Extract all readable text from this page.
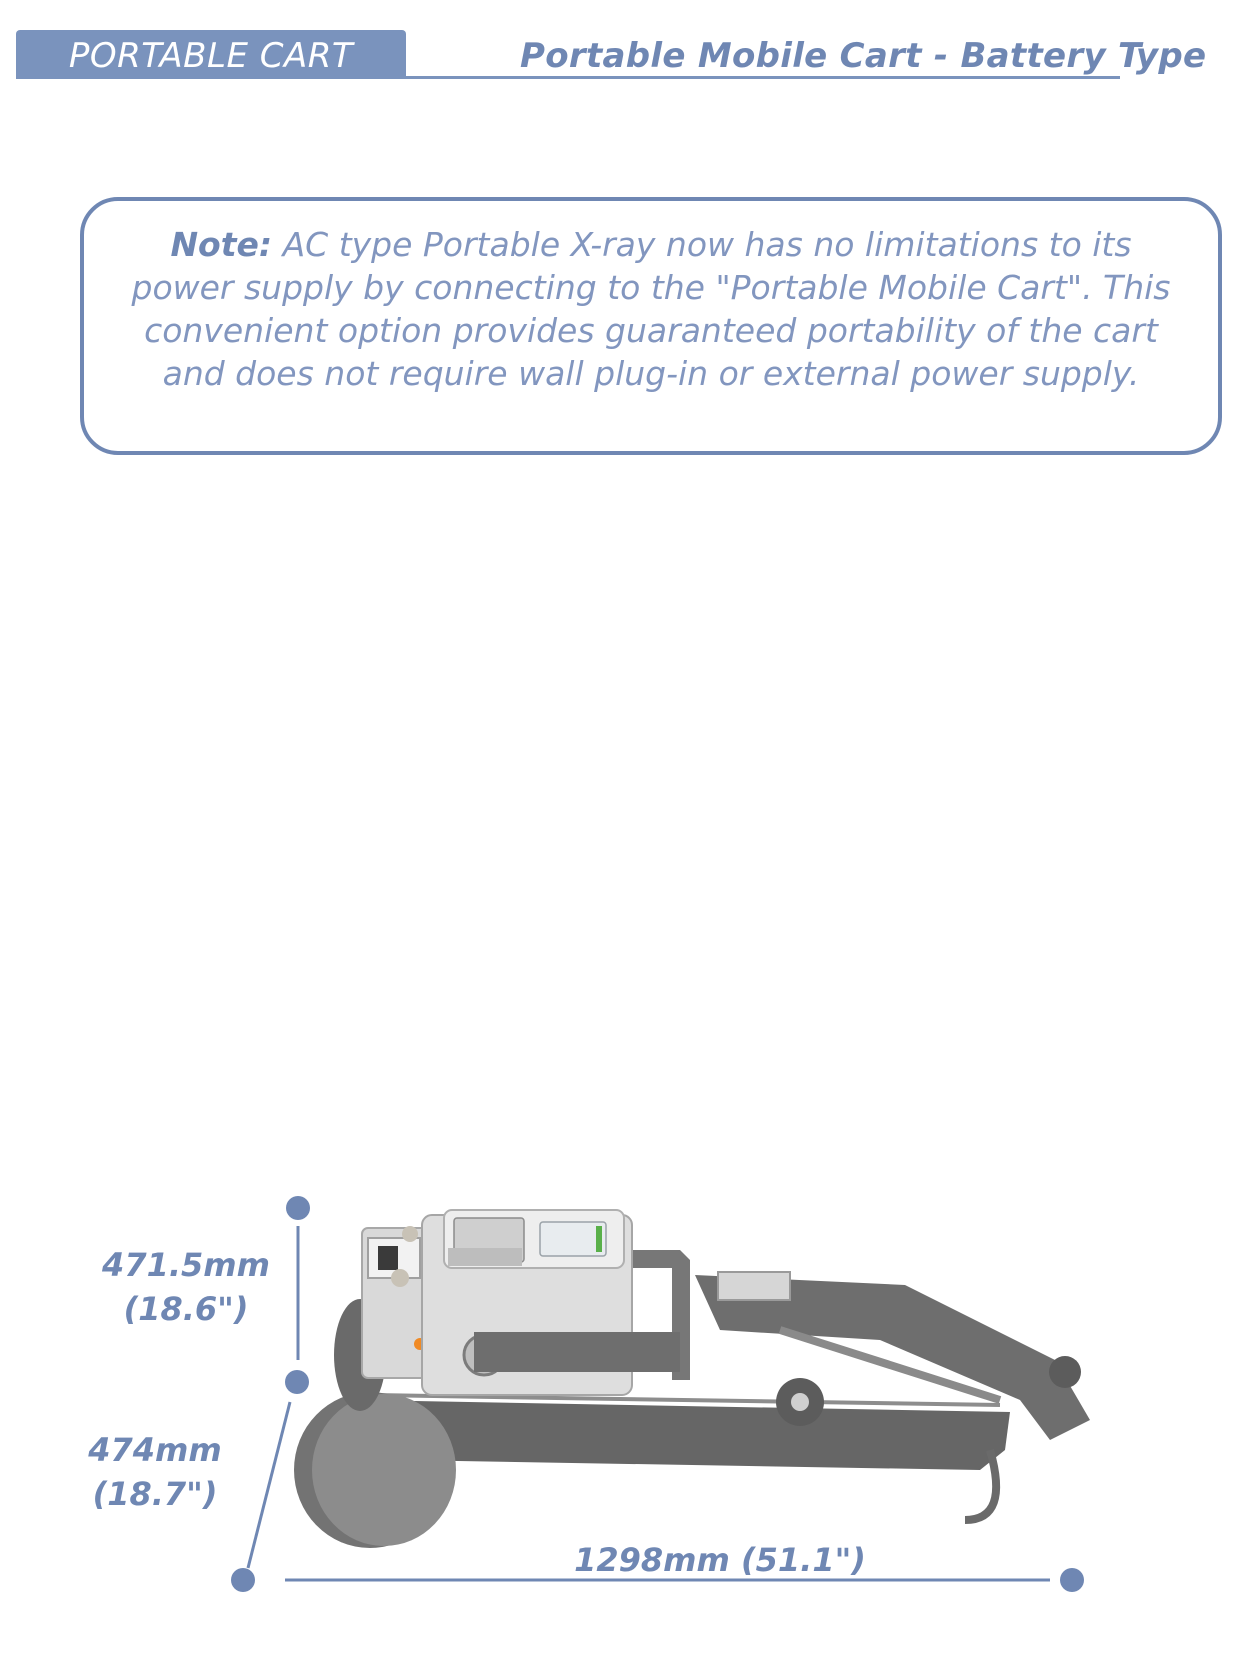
PORTABLE CART	Portable Mobile Cart - Battery Type
Note: AC type Portable X-ray now has no limitations to its power supply by connecting to the "Portable Mobile Cart". This convenient option provides guaranteed portability of the cart and does not require wall plug-in or external power supply.
471.5mm
(18.6")
474mm
(18.7")
1298mm (51.1")
